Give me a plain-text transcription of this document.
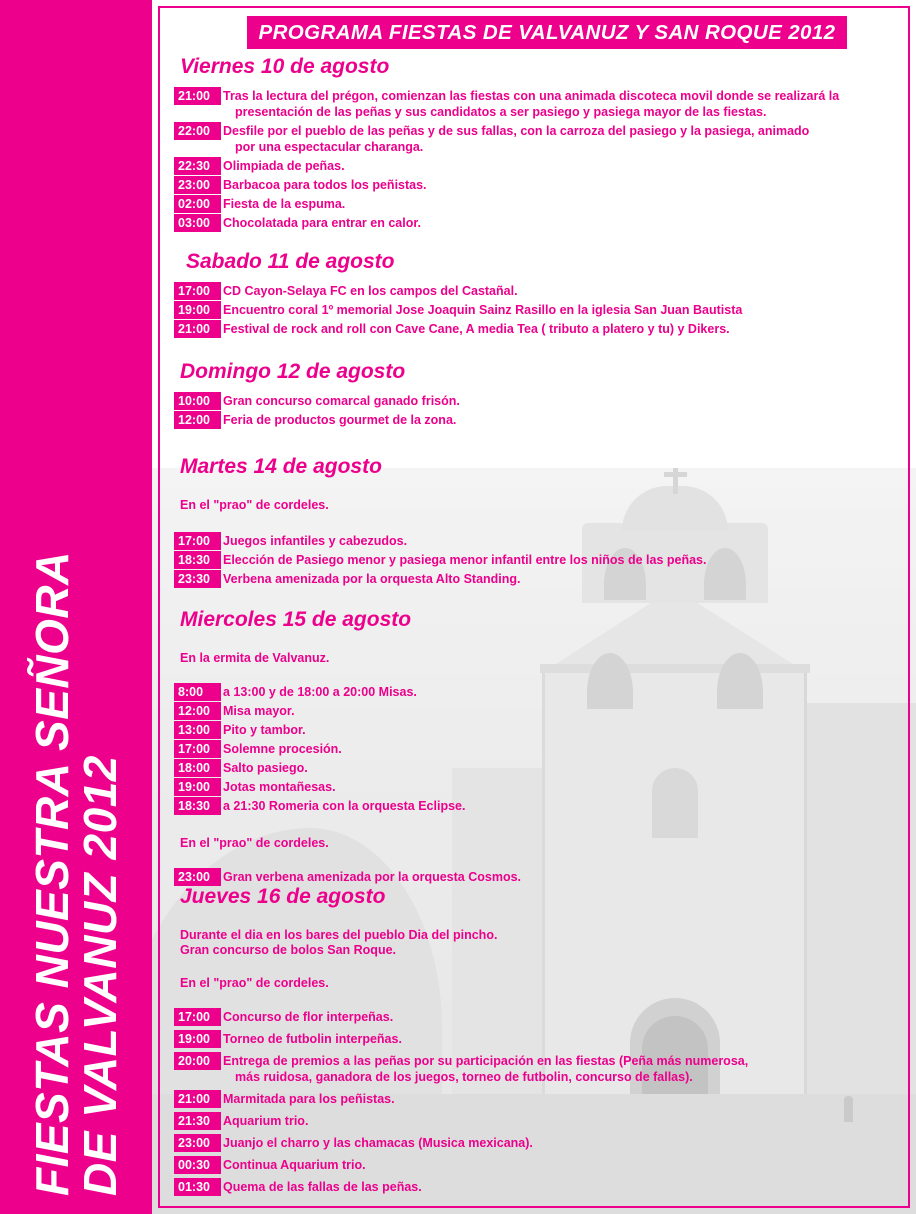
FIESTAS NUESTRA SEÑORA
DE VALVANUZ 2012
PROGRAMA FIESTAS DE VALVANUZ Y SAN ROQUE 2012
Viernes 10 de agosto
21:00	Tras la lectura del prégon, comienzan las fiestas con una animada discoteca movil donde se realizará la
presentación de las peñas y sus candidatos a ser pasiego y pasiega mayor de las fiestas.
22:00	Desfile por el pueblo de las peñas y de sus fallas, con la carroza del pasiego y la pasiega, animado
por una espectacular charanga.
22:30	Olimpiada de peñas.
23:00	Barbacoa para todos los peñistas.
02:00	Fiesta de la espuma.
03:00	Chocolatada para entrar en calor.
Sabado 11 de agosto
17:00	CD Cayon-Selaya FC en los campos del Castañal.
19:00	Encuentro coral 1º memorial Jose Joaquin Sainz Rasillo en la iglesia San Juan Bautista
21:00	Festival de rock and roll con Cave Cane, A media Tea ( tributo a platero y tu) y Dikers.
Domingo 12 de agosto
10:00	Gran concurso comarcal ganado frisón.
12:00	Feria de productos gourmet de la zona.
Martes 14 de agosto

En el "prao" de cordeles.

17:00	Juegos infantiles y cabezudos.
18:30	Elección de Pasiego menor y pasiega menor infantil entre los niños de las peñas.
23:30	Verbena amenizada por la orquesta Alto Standing.
Miercoles 15 de agosto

En la ermita de Valvanuz.

8:00	a 13:00 y de 18:00 a 20:00 Misas.
12:00	Misa mayor.
13:00	Pito y tambor.
17:00	Solemne procesión.
18:00	Salto pasiego.
19:00	Jotas montañesas.
18:30	a 21:30 Romeria con la orquesta Eclipse.

En el "prao" de cordeles.

23:00	Gran verbena amenizada por la orquesta Cosmos.
Jueves 16 de agosto

Durante el dia en los bares del pueblo Dia del pincho.

Gran concurso de bolos San Roque.

En el "prao" de cordeles.

17:00	Concurso de flor interpeñas.
19:00	Torneo de futbolin interpeñas.
20:00	Entrega de premios a las peñas por su participación en las fiestas (Peña más numerosa,
más ruidosa, ganadora de los juegos, torneo de futbolin, concurso de fallas).
21:00	Marmitada para los peñistas.
21:30	Aquarium trio.
23:00	Juanjo el charro y las chamacas (Musica mexicana).
00:30	Continua Aquarium trio.
01:30	Quema de las fallas de las peñas.
